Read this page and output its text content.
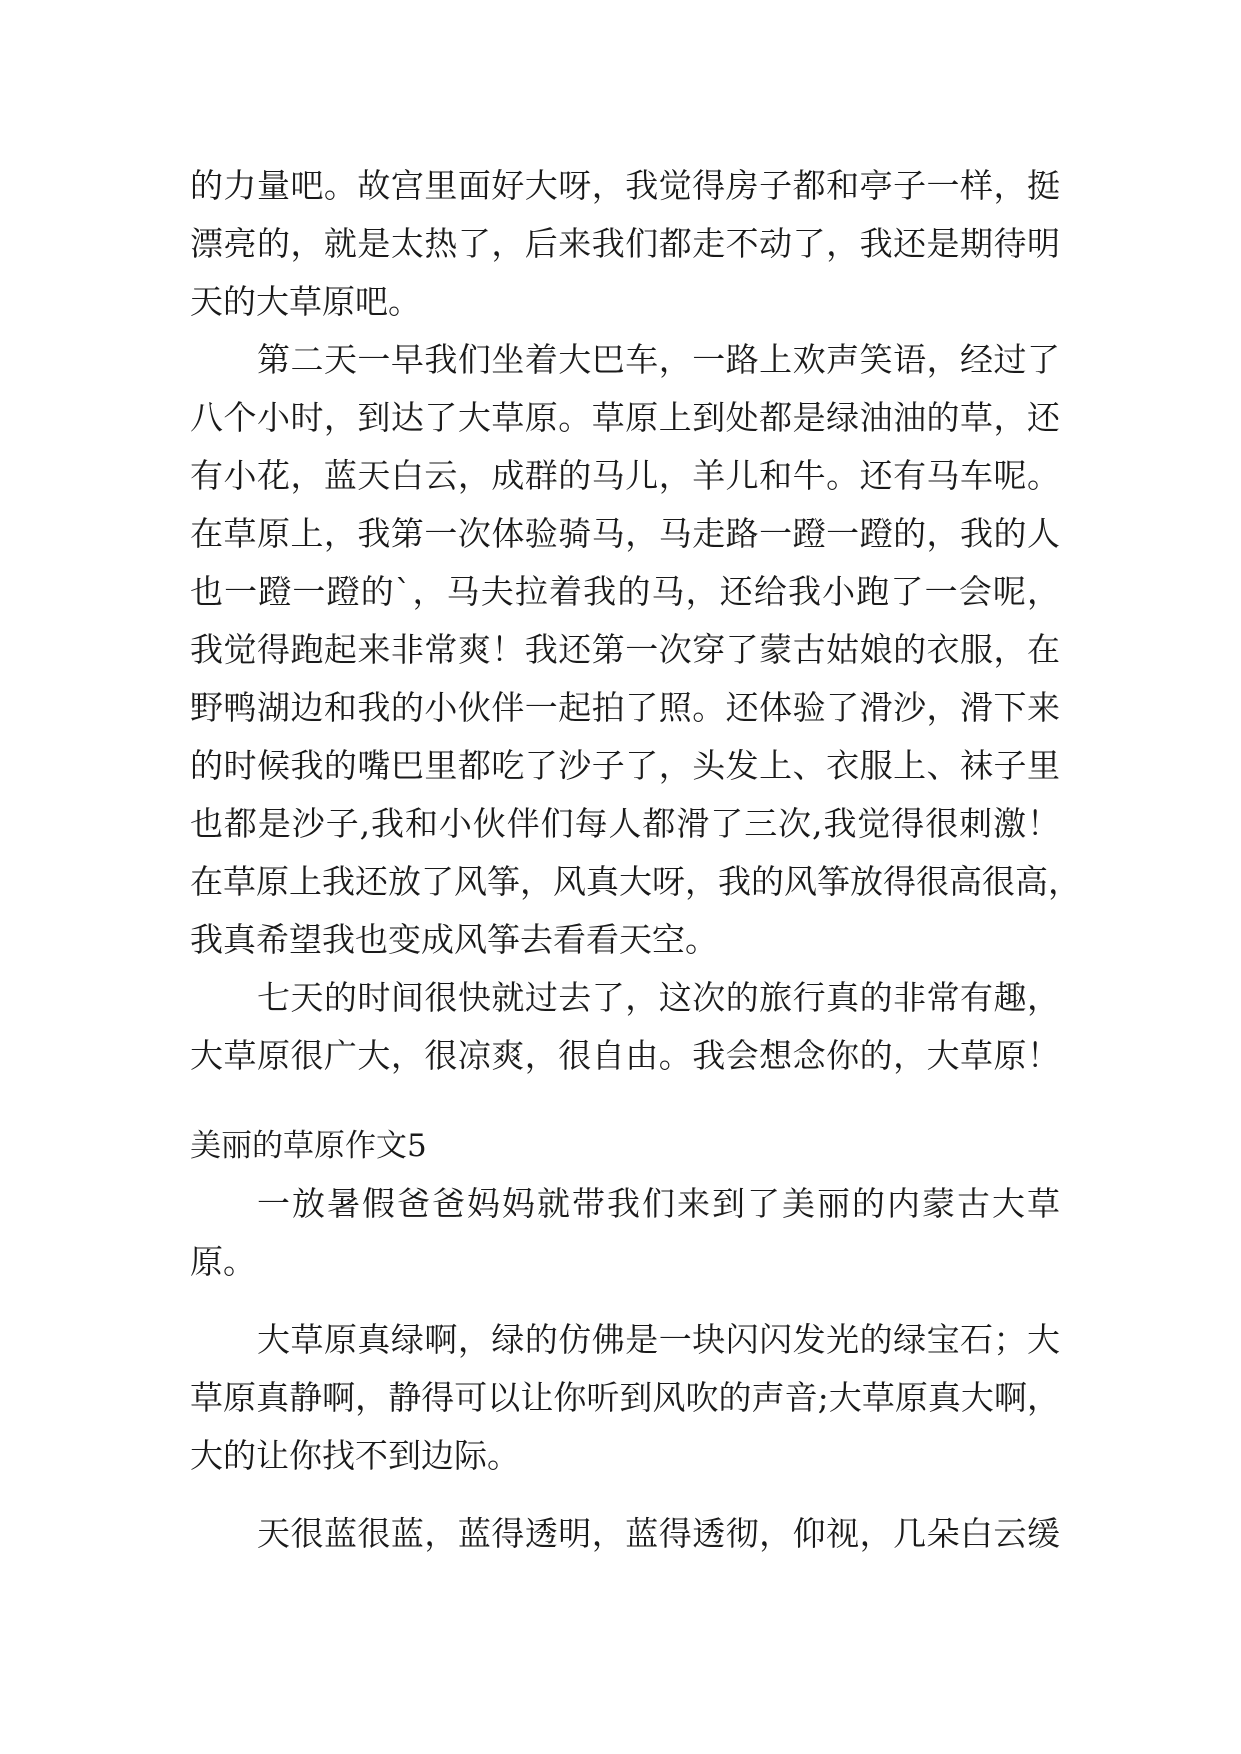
的力量吧。故宫里面好大呀，我觉得房子都和亭子一样，挺
漂亮的，就是太热了，后来我们都走不动了，我还是期待明
天的大草原吧。
第二天一早我们坐着大巴车，一路上欢声笑语，经过了
八个小时，到达了大草原。草原上到处都是绿油油的草，还
有小花，蓝天白云，成群的马儿，羊儿和牛。还有马车呢。
在草原上，我第一次体验骑马，马走路一蹬一蹬的，我的人
也一蹬一蹬的`，马夫拉着我的马，还给我小跑了一会呢，
我觉得跑起来非常爽！我还第一次穿了蒙古姑娘的衣服，在
野鸭湖边和我的小伙伴一起拍了照。还体验了滑沙，滑下来
的时候我的嘴巴里都吃了沙子了，头发上、衣服上、袜子里
也都是沙子,我和小伙伴们每人都滑了三次,我觉得很刺激！
在草原上我还放了风筝，风真大呀，我的风筝放得很高很高，
我真希望我也变成风筝去看看天空。
七天的时间很快就过去了，这次的旅行真的非常有趣，
大草原很广大，很凉爽，很自由。我会想念你的，大草原！
美丽的草原作文5
一放暑假爸爸妈妈就带我们来到了美丽的内蒙古大草
原。
大草原真绿啊，绿的仿佛是一块闪闪发光的绿宝石；大
草原真静啊，静得可以让你听到风吹的声音;大草原真大啊，
大的让你找不到边际。
天很蓝很蓝，蓝得透明，蓝得透彻，仰视，几朵白云缓
